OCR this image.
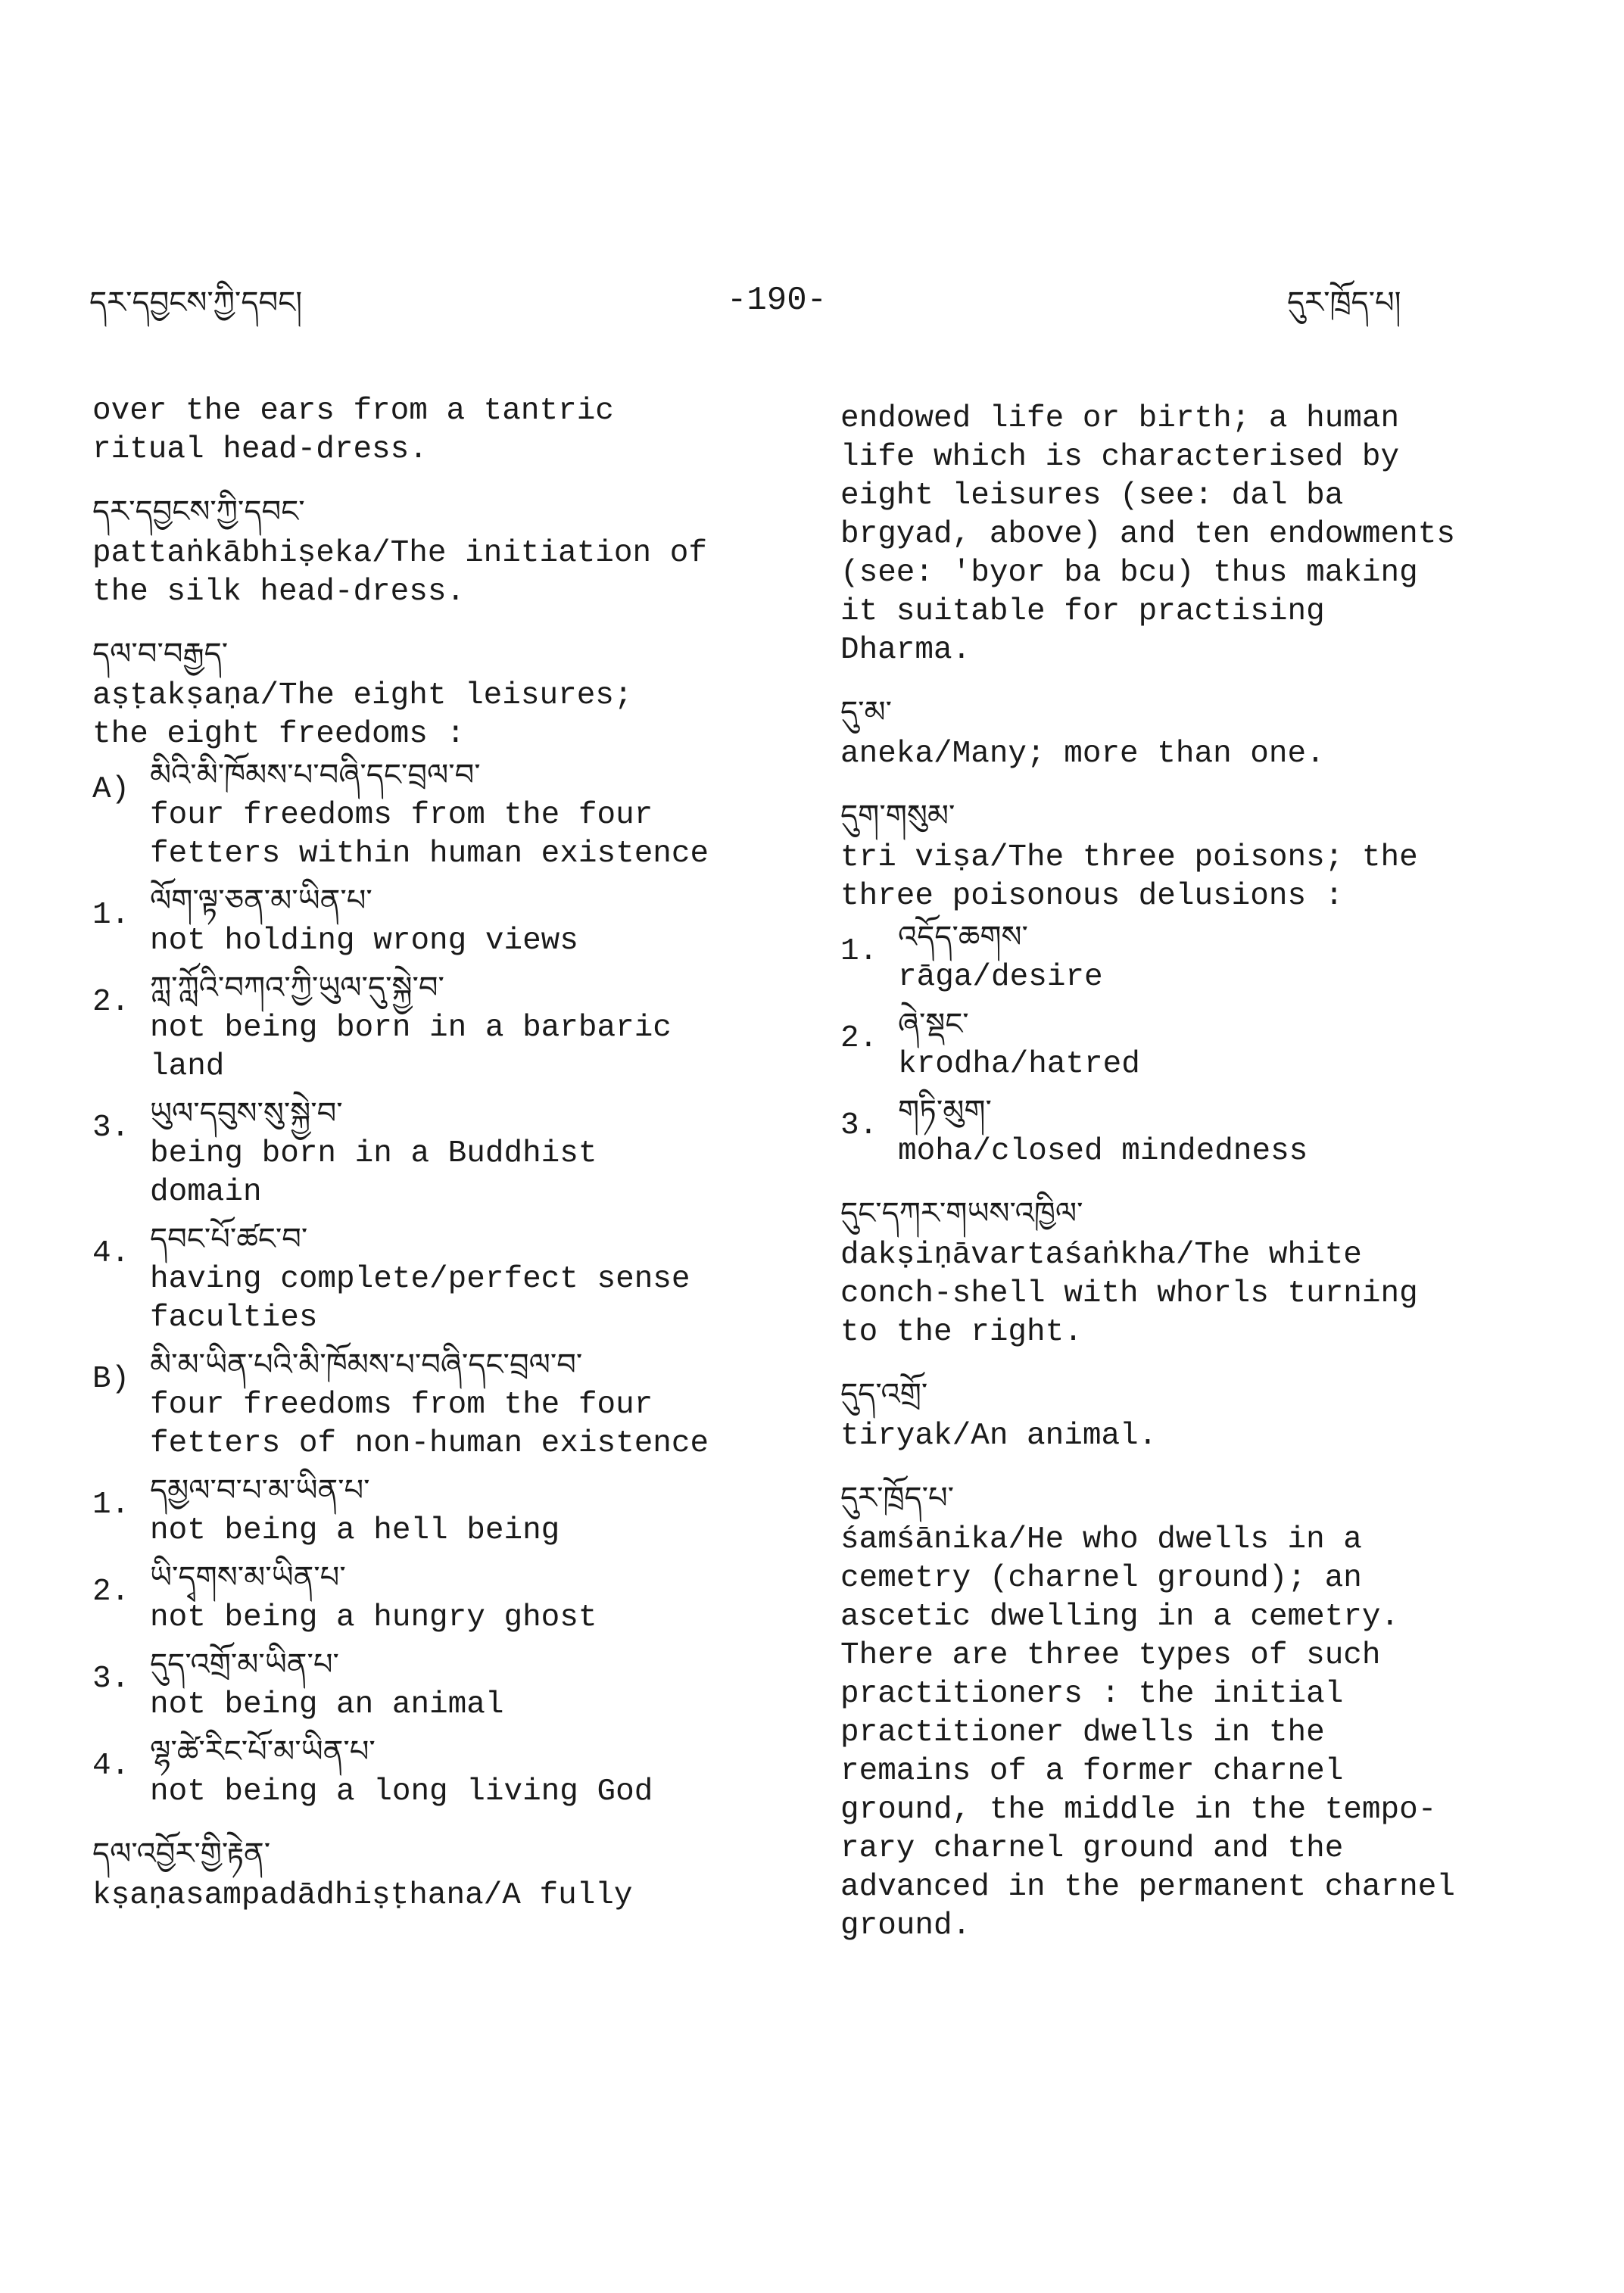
དར་དབྱངས་ཀྱི་དབང།	-190-	དུར་ཁྲོད་པ།
over the ears from a tantric
ritual head-dress.
དར་དབྱངས་ཀྱི་དབང་
pattaṅkābhiṣeka/The initiation of
the silk head-dress.
དལ་བ་བརྒྱད་
aṣṭakṣaṇa/The eight leisures;
the eight freedoms :
A) མིའི་མི་ཁོམས་པ་བཞི་དང་བྲལ་བ་
four freedoms from the four
fetters within human existence
1. ལོག་ལྟ་ཅན་མ་ཡིན་པ་
not holding wrong views
2. ཀླ་ཀློའི་བཀའ་ཀྱི་ཡུལ་དུ་སྐྱེ་བ་
not being born in a barbaric
land
3. ཡུལ་དབུས་སུ་སྐྱེ་བ་
being born in a Buddhist
domain
4. དབང་པོ་ཚང་བ་
having complete/perfect sense
faculties
B) མི་མ་ཡིན་པའི་མི་ཁོམས་པ་བཞི་དང་བྲལ་བ་
four freedoms from the four
fetters of non-human existence
1. དམྱལ་བ་པ་མ་ཡིན་པ་
not being a hell being
2. ཡི་དྭགས་མ་ཡིན་པ་
not being a hungry ghost
3. དུད་འགྲོ་མ་ཡིན་པ་
not being an animal
4. ལྷ་ཚེ་རིང་པོ་མ་ཡིན་པ་
not being a long living God
དལ་འབྱོར་གྱི་རྟེན་
kṣaṇasampadādhiṣṭhana/A fully
endowed life or birth; a human
life which is characterised by
eight leisures (see: dal ba
brgyad, above) and ten endowments
(see: 'byor ba bcu) thus making
it suitable for practising
Dharma.
དུ་མ་
aneka/Many; more than one.
དུག་གསུམ་
tri viṣa/The three poisons; the
three poisonous delusions :
1. འདོད་ཆགས་
rāga/desire
2. ཞེ་སྡང་
krodha/hatred
3. གཏི་མུག་
moha/closed mindedness
དུང་དཀར་གཡས་འཁྱིལ་
dakṣiṇāvartaśaṅkha/The white
conch-shell with whorls turning
to the right.
དུད་འགྲོ་
tiryak/An animal.
དུར་ཁྲོད་པ་
śamśānika/He who dwells in a
cemetry (charnel ground); an
ascetic dwelling in a cemetry.
There are three types of such
practitioners : the initial
practitioner dwells in the
remains of a former charnel
ground, the middle in the tempo-
rary charnel ground and the
advanced in the permanent charnel
ground.
